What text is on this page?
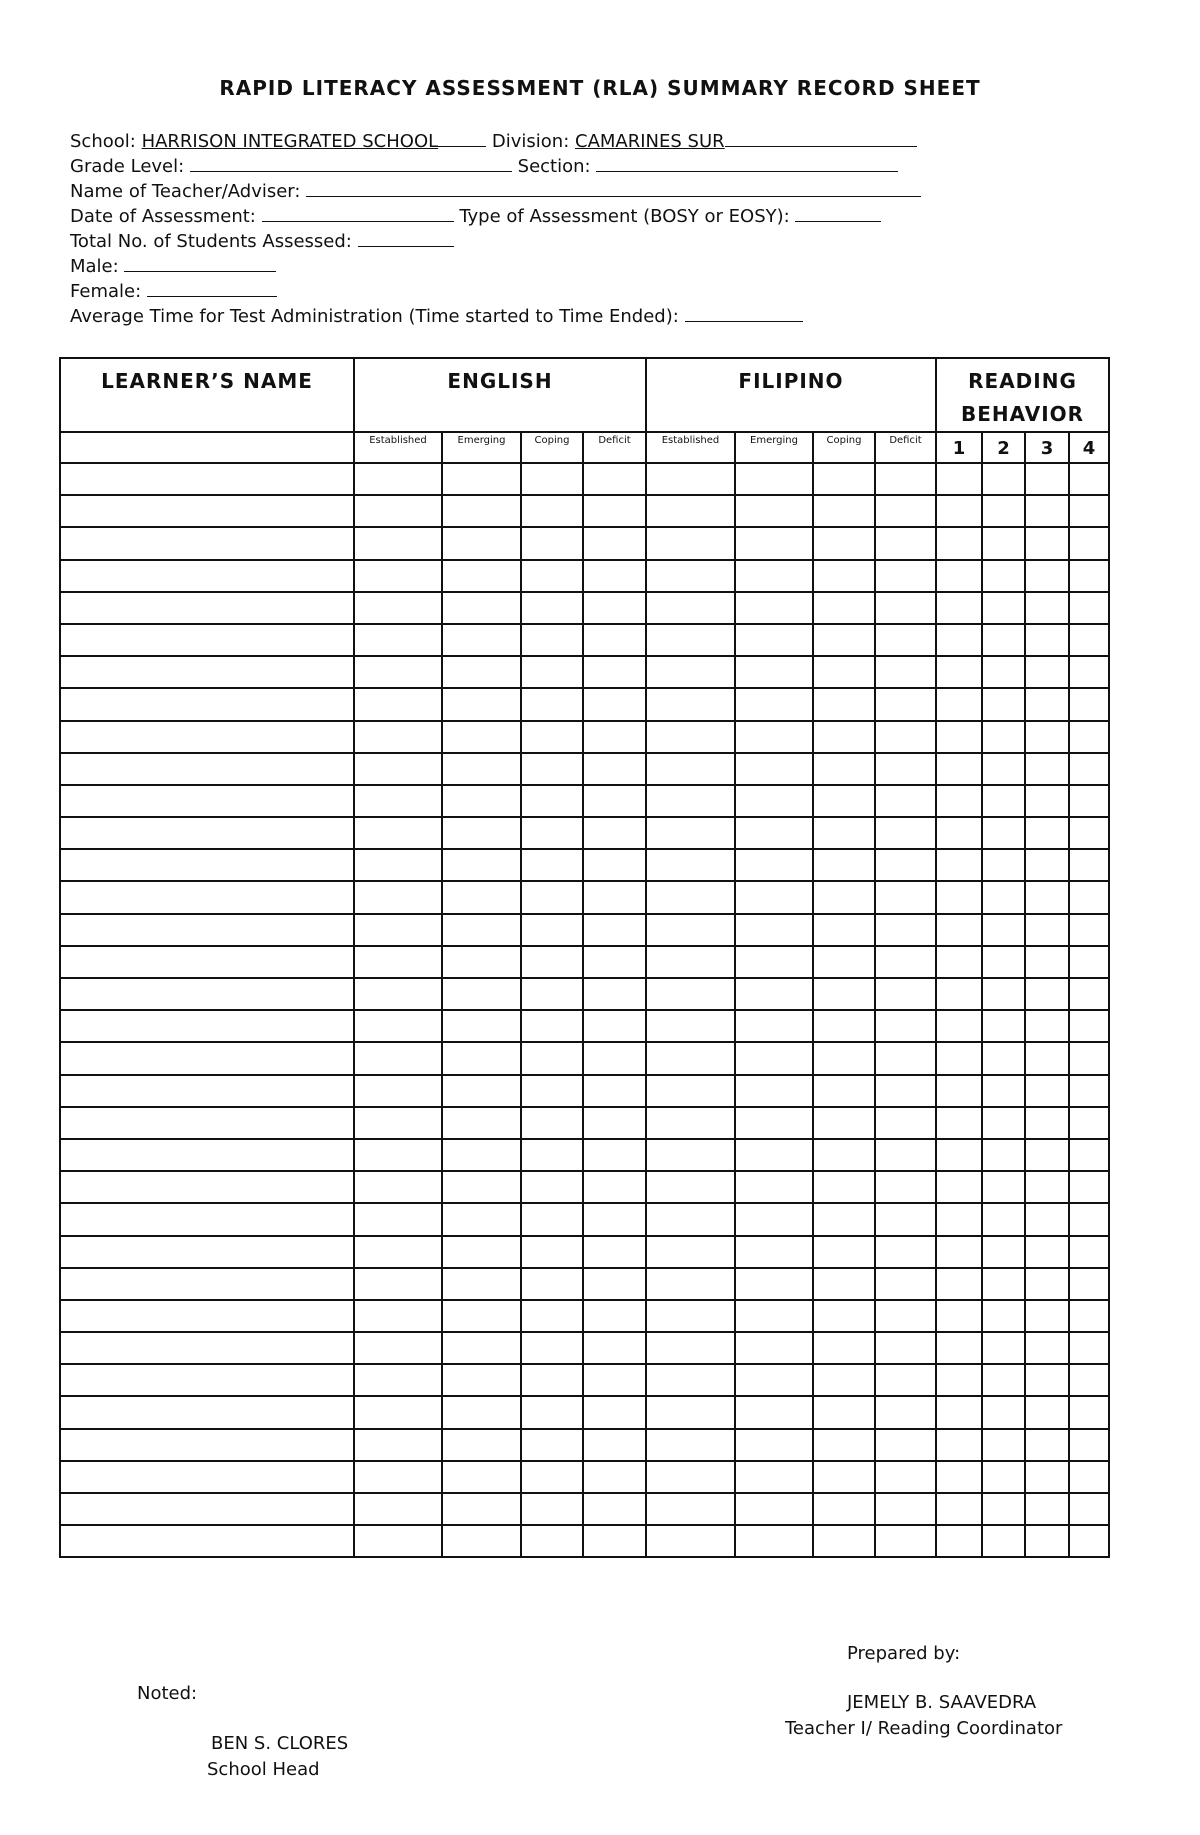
RAPID LITERACY ASSESSMENT (RLA) SUMMARY RECORD SHEET
School: HARRISON INTEGRATED SCHOOL	Division: CAMARINES SUR
Grade Level:	Section:
Name of Teacher/Adviser:
Date of Assessment:	Type of Assessment (BOSY or EOSY):
Total No. of Students Assessed:
Male:
Female:
Average Time for Test Administration (Time started to Time Ended):
LEARNER’S NAME	ENGLISH				FILIPINO				READING BEHAVIOR			
	Established	Emerging	Coping	Deficit	Established	Emerging	Coping	Deficit	1	2	3	4

Prepared by:
Noted:	JEMELY B. SAAVEDRA
Teacher I/ Reading Coordinator
BEN S. CLORES
School Head
